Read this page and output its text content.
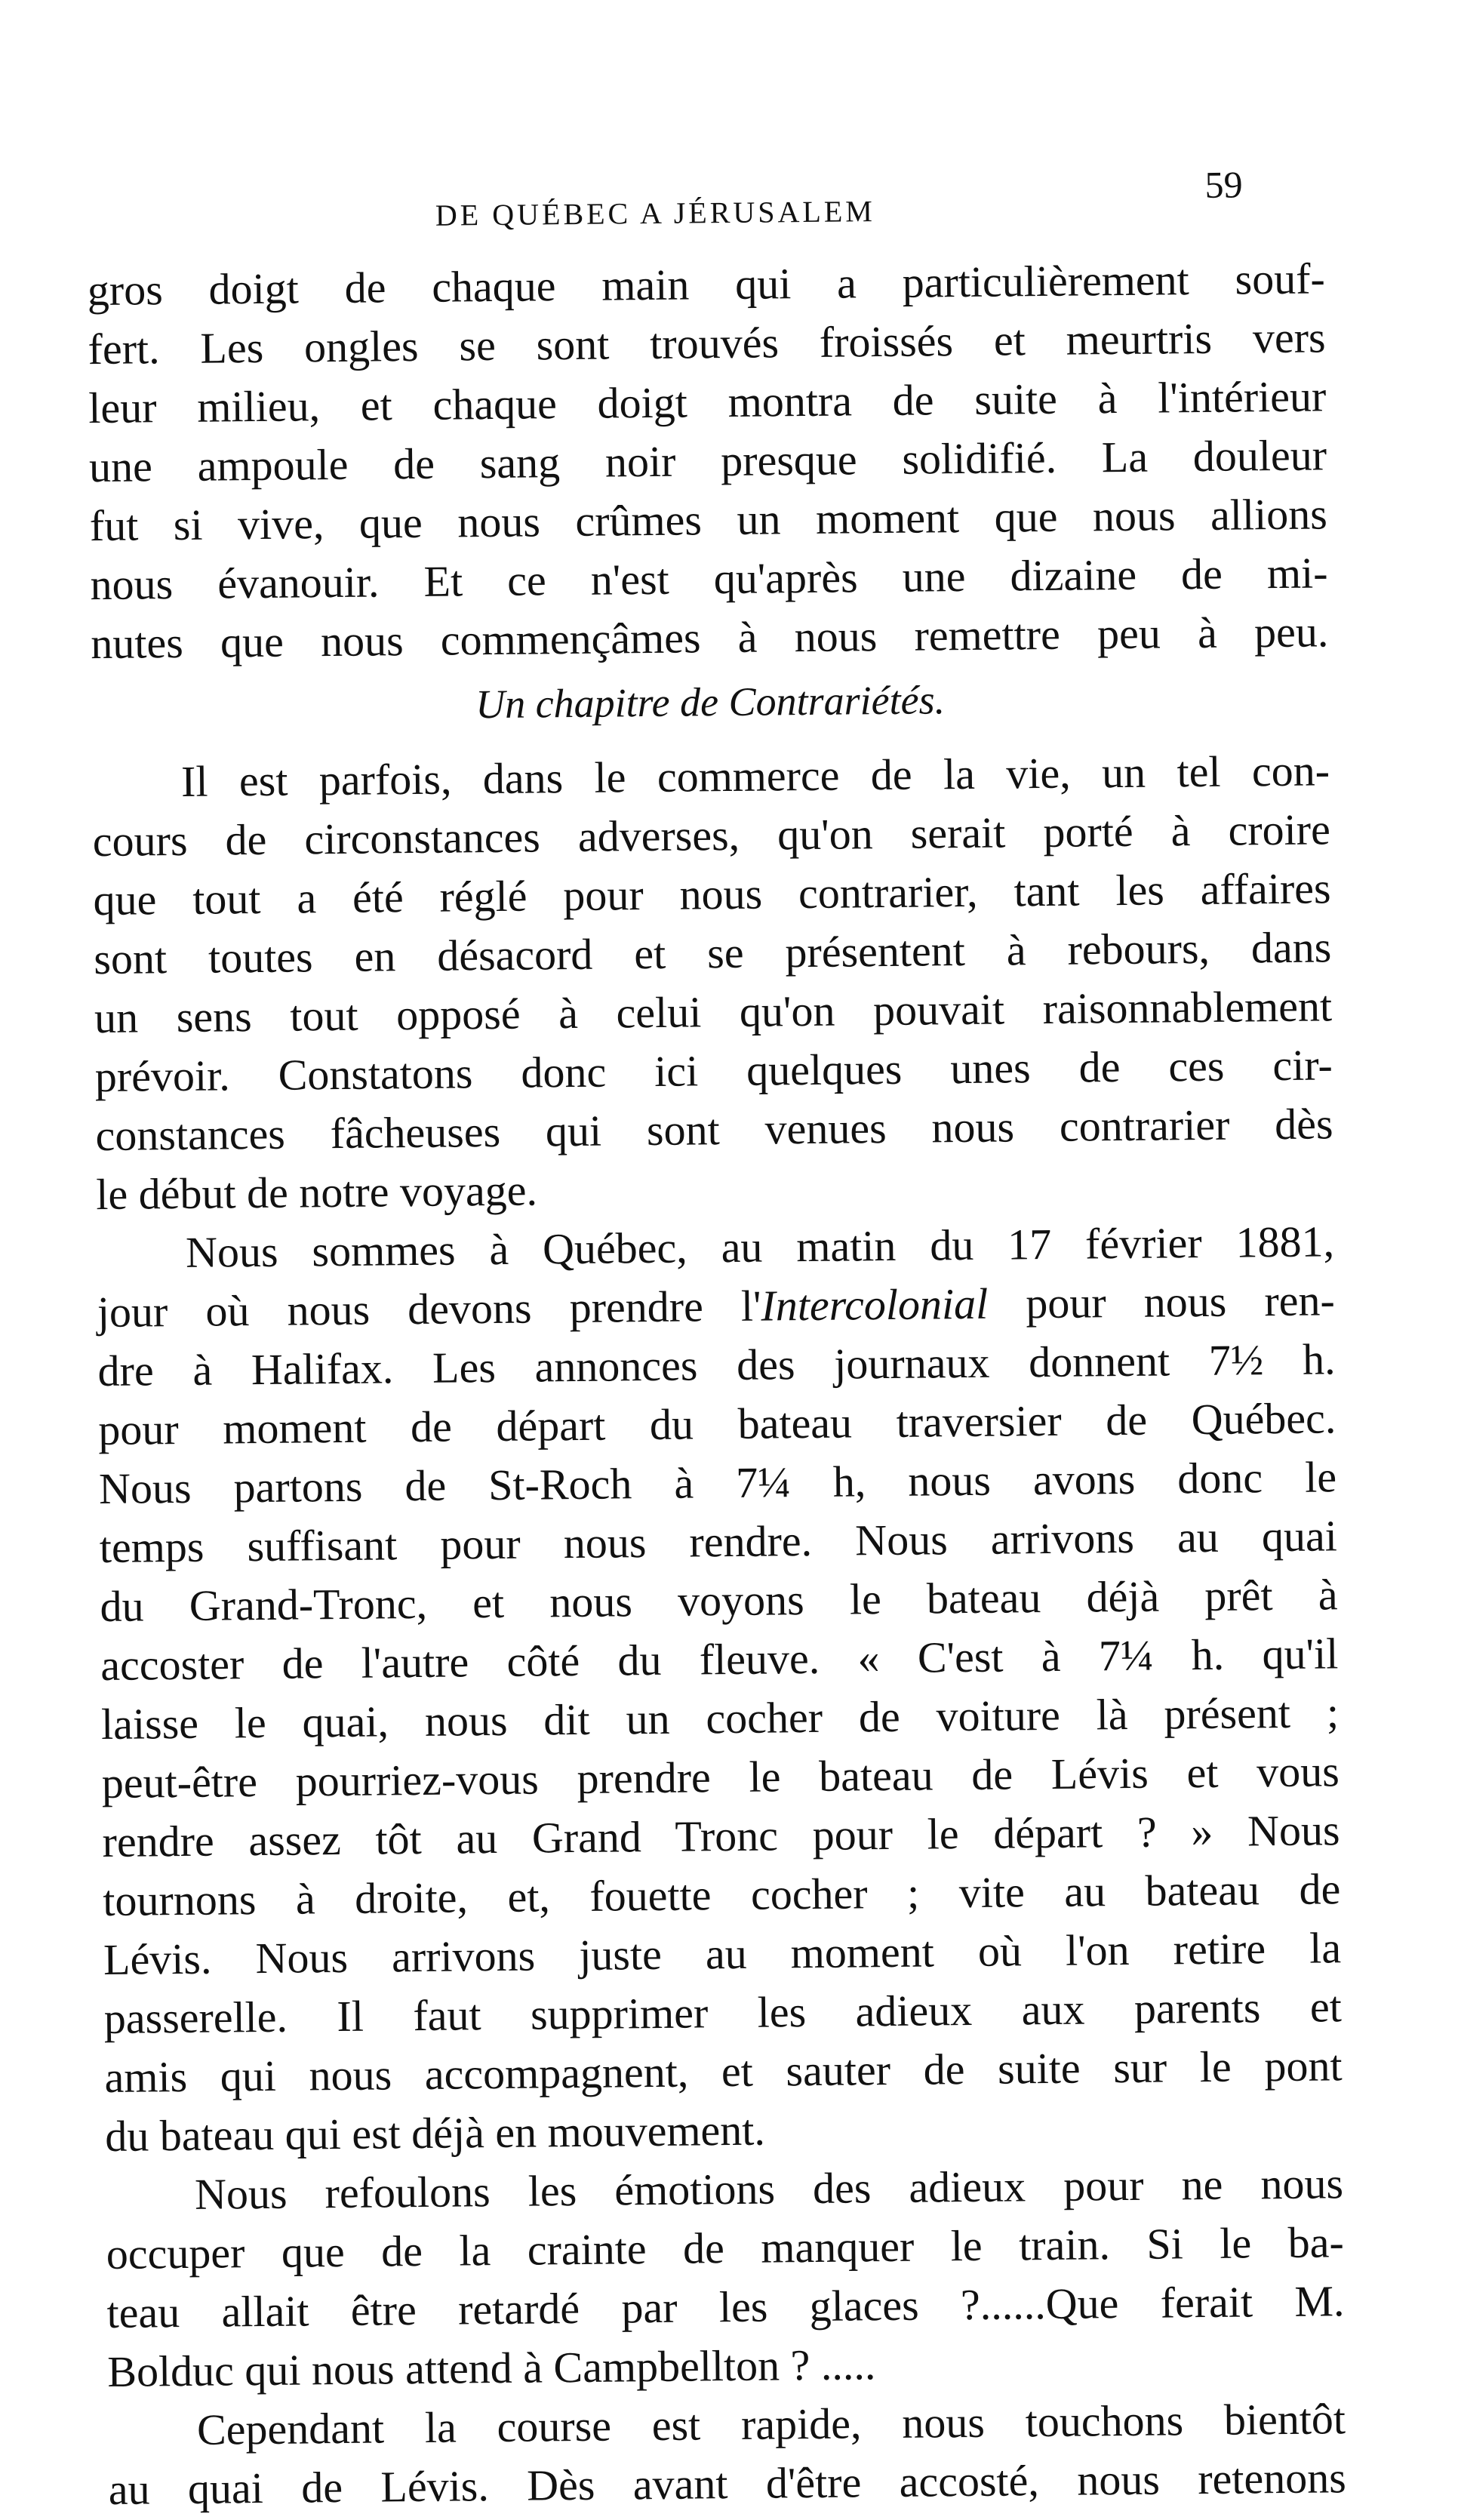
DE QUÉBEC A JÉRUSALEM
59
gros doigt de chaque main qui a particulièrement souf-
fert. Les ongles se sont trouvés froissés et meurtris vers
leur milieu, et chaque doigt montra de suite à l'intérieur
une ampoule de sang noir presque solidifié. La douleur
fut si vive, que nous crûmes un moment que nous allions
nous évanouir. Et ce n'est qu'après une dizaine de mi-
nutes que nous commençâmes à nous remettre peu à peu.
Un chapitre de Contrariétés.
Il est parfois, dans le commerce de la vie, un tel con-
cours de circonstances adverses, qu'on serait porté à croire
que tout a été réglé pour nous contrarier, tant les affaires
sont toutes en désacord et se présentent à rebours, dans
un sens tout opposé à celui qu'on pouvait raisonnablement
prévoir. Constatons donc ici quelques unes de ces cir-
constances fâcheuses qui sont venues nous contrarier dès
le début de notre voyage.
Nous sommes à Québec, au matin du 17 février 1881,
jour où nous devons prendre l'Intercolonial pour nous ren-
dre à Halifax. Les annonces des journaux donnent 7½ h.
pour moment de départ du bateau traversier de Québec.
Nous partons de St-Roch à 7¼ h, nous avons donc le
temps suffisant pour nous rendre. Nous arrivons au quai
du Grand-Tronc, et nous voyons le bateau déjà prêt à
accoster de l'autre côté du fleuve. « C'est à 7¼ h. qu'il
laisse le quai, nous dit un cocher de voiture là présent ;
peut-être pourriez-vous prendre le bateau de Lévis et vous
rendre assez tôt au Grand Tronc pour le départ ? » Nous
tournons à droite, et, fouette cocher ; vite au bateau de
Lévis. Nous arrivons juste au moment où l'on retire la
passerelle. Il faut supprimer les adieux aux parents et
amis qui nous accompagnent, et sauter de suite sur le pont
du bateau qui est déjà en mouvement.
Nous refoulons les émotions des adieux pour ne nous
occuper que de la crainte de manquer le train. Si le ba-
teau allait être retardé par les glaces ?......Que ferait M.
Bolduc qui nous attend à Campbellton ? .....
Cependant la course est rapide, nous touchons bientôt
au quai de Lévis. Dès avant d'être accosté, nous retenons
